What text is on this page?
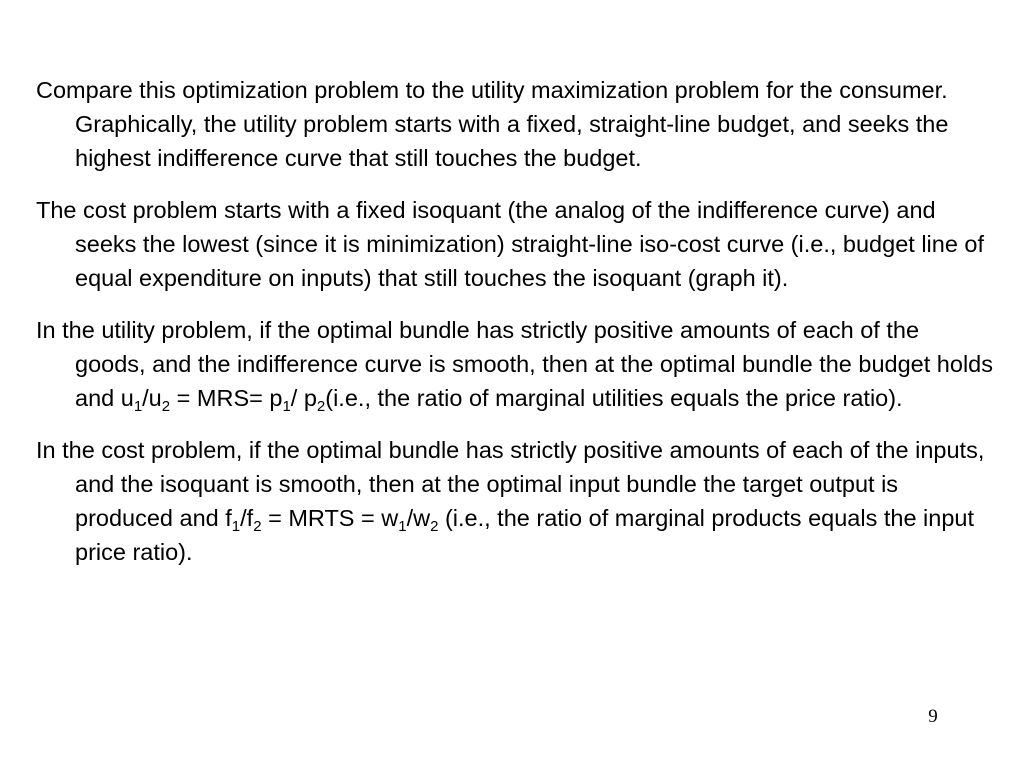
Compare this optimization problem to the utility maximization problem for the consumer. Graphically, the utility problem starts with a fixed, straight-line budget, and seeks the highest indifference curve that still touches the budget.

The cost problem starts with a fixed isoquant (the analog of the indifference curve) and seeks the lowest (since it is minimization) straight-line iso-cost curve (i.e., budget line of equal expenditure on inputs) that still touches the isoquant (graph it).

In the utility problem, if the optimal bundle has strictly positive amounts of each of the goods, and the indifference curve is smooth, then at the optimal bundle the budget holds and $u_1/u_2 = MRS= p_1/$ $p_2(i.e$., the ratio of marginal utilities equals the price ratio).

In the cost problem, if the optimal bundle has strictly positive amounts of each of the inputs, and the isoquant is smooth, then at the optimal input bundle the target output is produced and $f_1/f_2$ = MRTS = $w_1/w_2$ (i.e., the ratio of marginal products equals the input price ratio).

9
